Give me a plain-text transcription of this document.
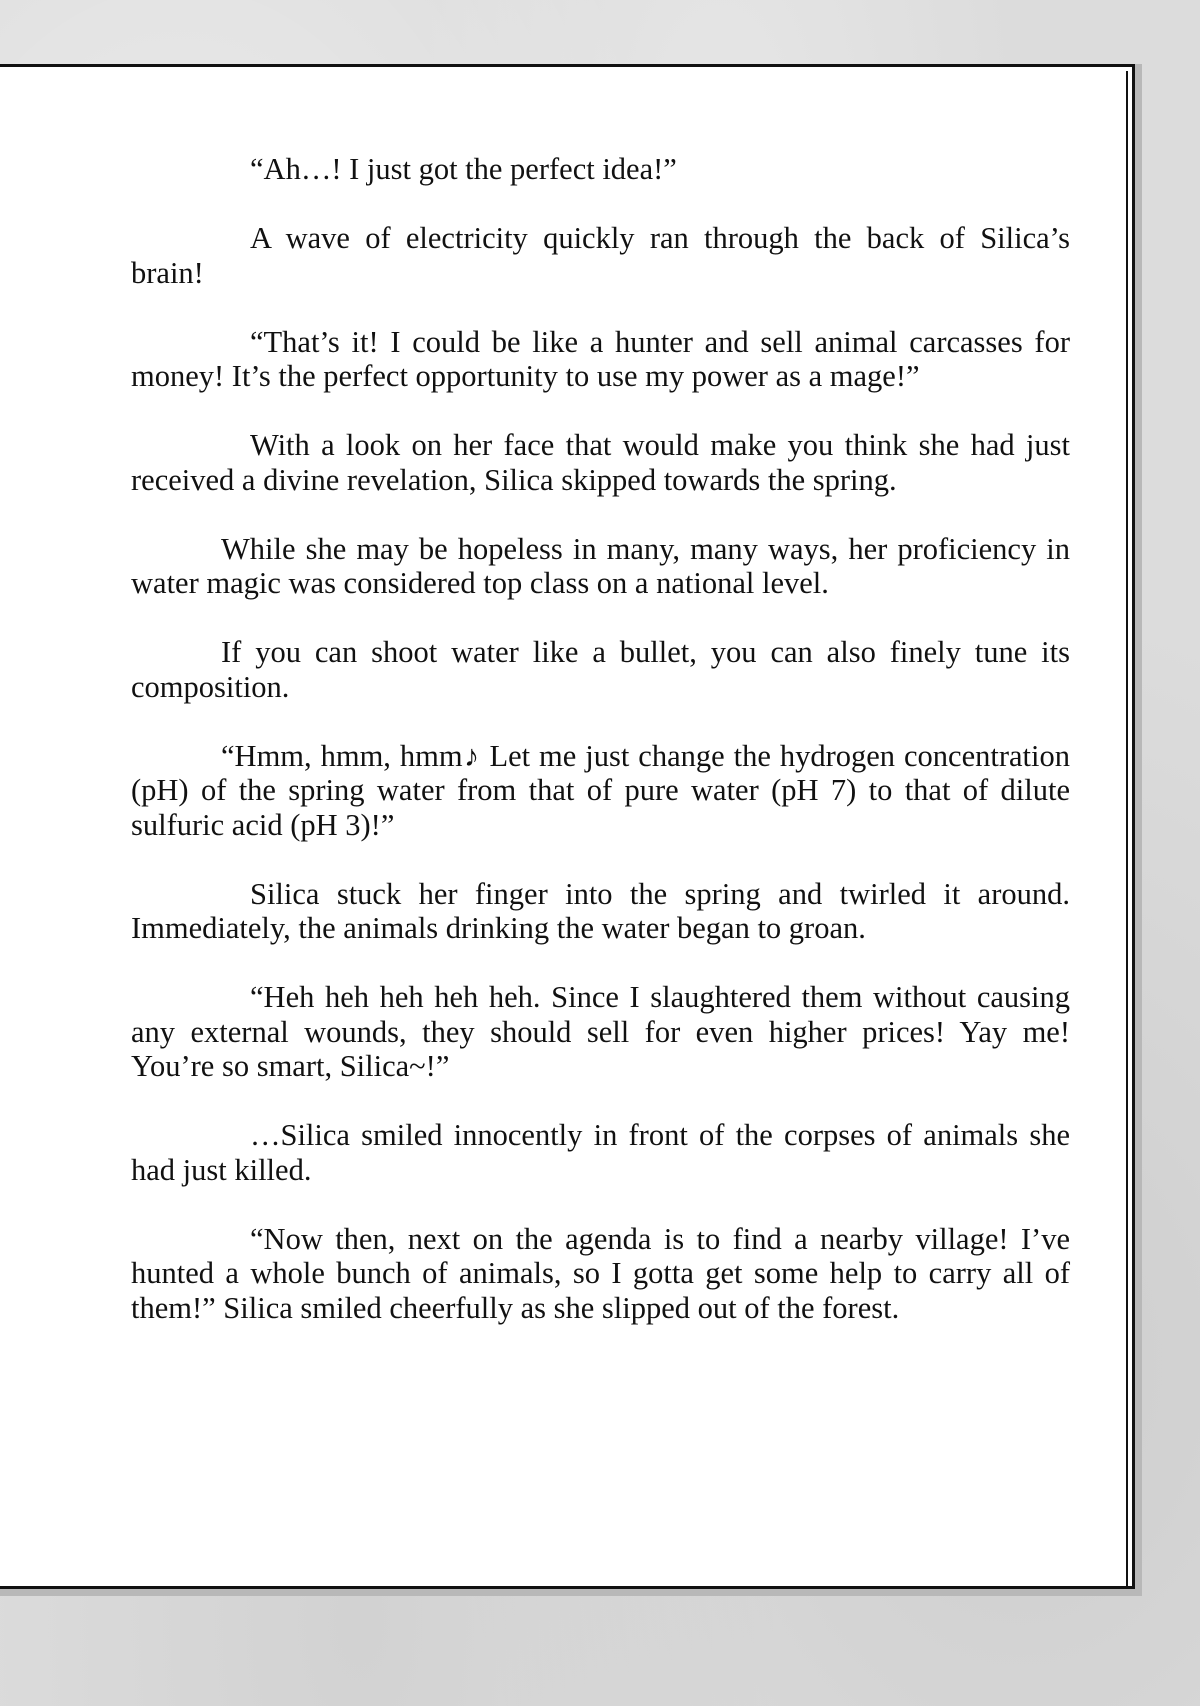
“Ah…! I just got the perfect idea!”

A wave of electricity quickly ran through the back of Silica’s brain!

“That’s it! I could be like a hunter and sell animal carcasses for money! It’s the perfect opportunity to use my power as a mage!”

With a look on her face that would make you think she had just received a divine revelation, Silica skipped towards the spring.

While she may be hopeless in many, many ways, her proficiency in water magic was considered top class on a national level.

If you can shoot water like a bullet, you can also finely tune its composition.

“Hmm, hmm, hmm♪ Let me just change the hydrogen concentration (pH) of the spring water from that of pure water (pH 7) to that of dilute sulfuric acid (pH 3)!”

Silica stuck her finger into the spring and twirled it around. Immediately, the animals drinking the water began to groan.

“Heh heh heh heh heh. Since I slaughtered them without causing any external wounds, they should sell for even higher prices! Yay me! You’re so smart, Silica~!”

…Silica smiled innocently in front of the corpses of animals she had just killed.

“Now then, next on the agenda is to find a nearby village! I’ve hunted a whole bunch of animals, so I gotta get some help to carry all of them!” Silica smiled cheerfully as she slipped out of the forest.
